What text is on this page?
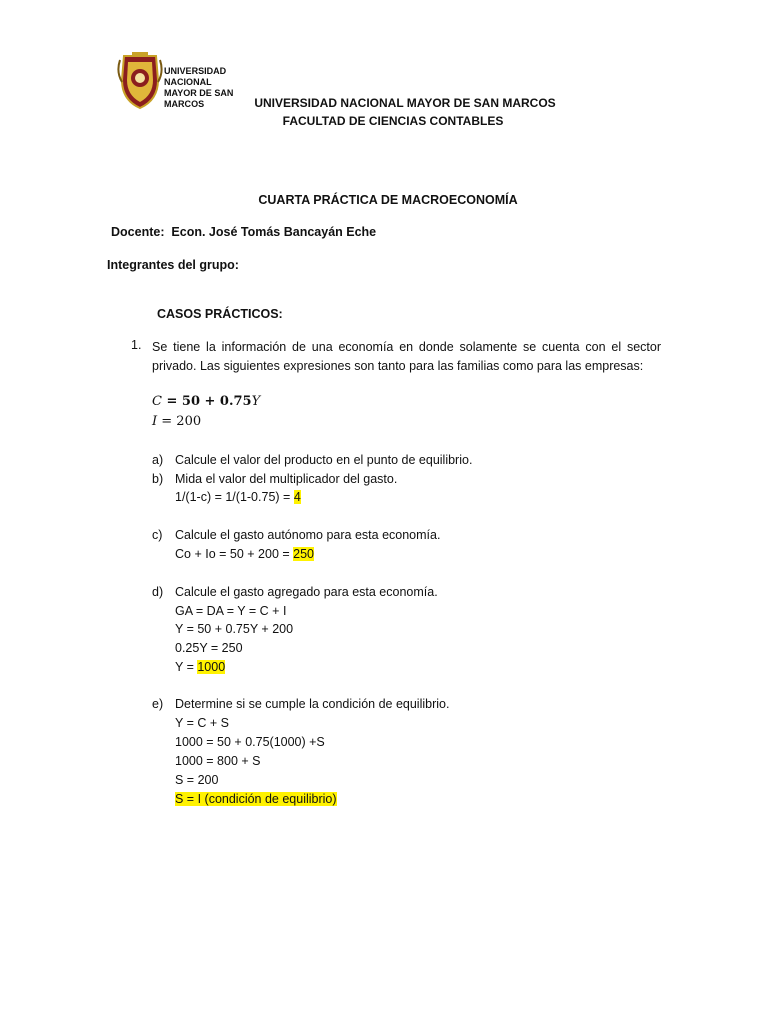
UNIVERSIDAD NACIONAL
MAYOR DE SAN MARCOS	UNIVERSIDAD NACIONAL MAYOR DE SAN MARCOS
FACULTAD DE CIENCIAS CONTABLES
CUARTA PRÁCTICA DE MACROECONOMÍA
Docente:  Econ. José Tomás Bancayán Eche
Integrantes del grupo:
CASOS PRÁCTICOS:
1. Se tiene la información de una economía en donde solamente se cuenta con el sector privado. Las siguientes expresiones son tanto para las familias como para las empresas:
C = 50 + 0.75Y
I = 200
a) Calcule el valor del producto en el punto de equilibrio.
b) Mida el valor del multiplicador del gasto.
1/(1-c) = 1/(1-0.75) = 4
c) Calcule el gasto autónomo para esta economía.
Co + Io = 50 + 200 = 250
d) Calcule el gasto agregado para esta economía.
GA = DA = Y = C + I
Y = 50 + 0.75Y + 200
0.25Y = 250
Y = 1000
e) Determine si se cumple la condición de equilibrio.
Y = C + S
1000 = 50 + 0.75(1000) +S
1000 = 800 + S
S = 200
S = I (condición de equilibrio)
